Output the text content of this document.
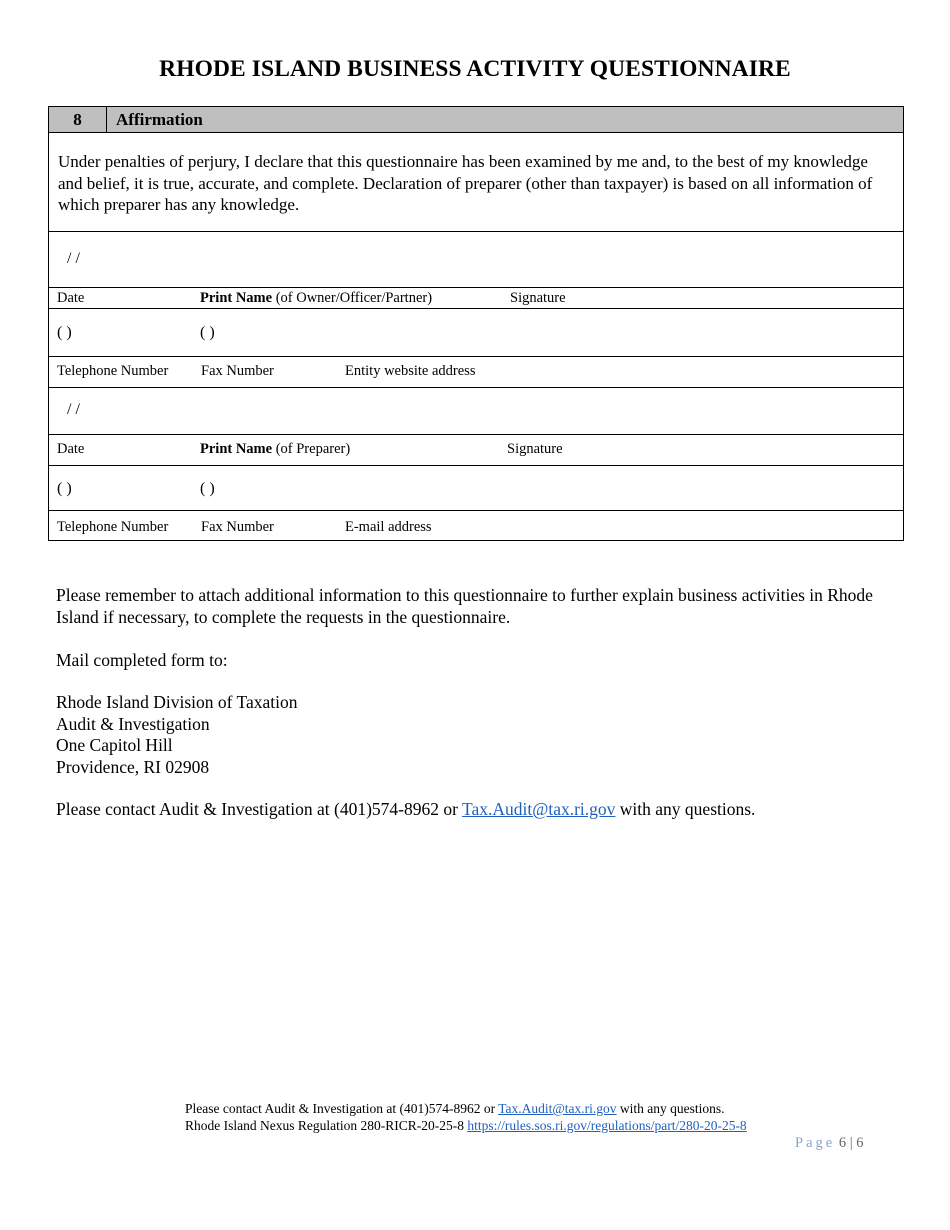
RHODE ISLAND BUSINESS ACTIVITY QUESTIONNAIRE
8	Affirmation
Under penalties of perjury, I declare that this questionnaire has been examined by me and, to the best of my knowledge and belief, it is true, accurate, and complete. Declaration of preparer (other than taxpayer) is based on all information of which preparer has any knowledge.
/ /
Date	Print Name (of Owner/Officer/Partner)	Signature
( )	( )
Telephone Number Fax Number	Entity website address
/ /
Date	Print Name (of Preparer)	Signature
( )	( )
Telephone Number Fax Number	E-mail address
Please remember to attach additional information to this questionnaire to further explain business activities in Rhode Island if necessary, to complete the requests in the questionnaire.
Mail completed form to:
Rhode Island Division of Taxation
Audit & Investigation
One Capitol Hill
Providence, RI 02908
Please contact Audit & Investigation at (401)574-8962 or Tax.Audit@tax.ri.gov with any questions.
Please contact Audit & Investigation at (401)574-8962 or Tax.Audit@tax.ri.gov with any questions.
Rhode Island Nexus Regulation 280-RICR-20-25-8 https://rules.sos.ri.gov/regulations/part/280-20-25-8
Page 6 | 6
